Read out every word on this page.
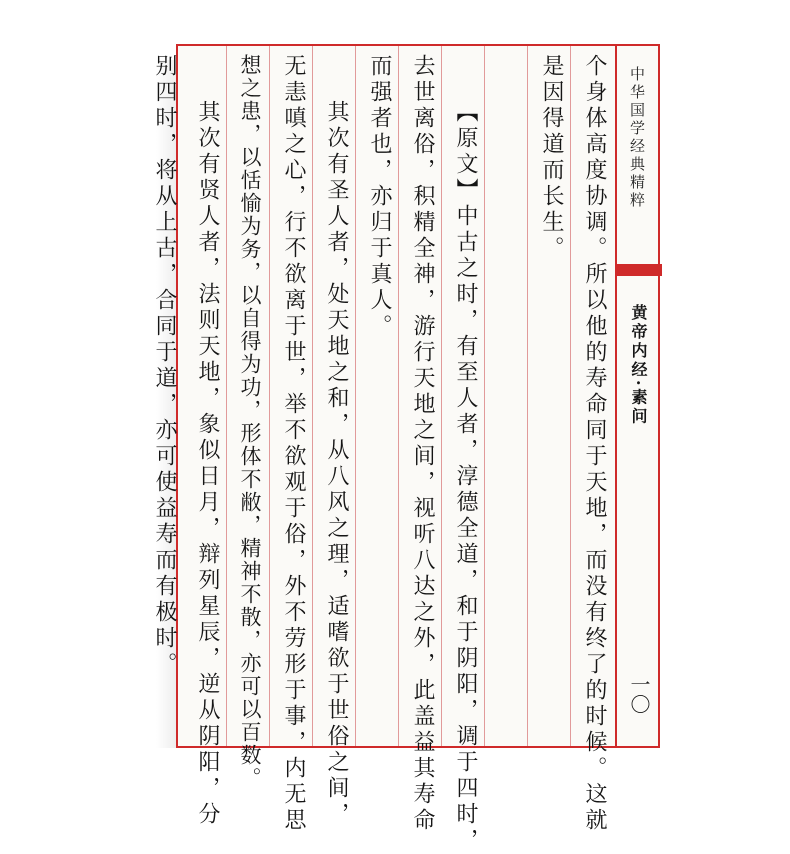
个身体高度协调。所以他的寿命同于天地，而没有终了的时候。这就
是因得道而长生。
【原文】中古之时，有至人者，淳德全道，和于阴阳，调于四时，
去世离俗，积精全神，游行天地之间，视听八达之外，此盖益其寿命
而强者也，亦归于真人。
其次有圣人者，处天地之和，从八风之理，适嗜欲于世俗之间，
无恚嗔之心，行不欲离于世，举不欲观于俗，外不劳形于事，内无思
想之患，以恬愉为务，以自得为功，形体不敝，精神不散，亦可以百数。
其次有贤人者，法则天地，象似日月，辩列星辰，逆从阴阳，分
别四时，将从上古，合同于道，亦可使益寿而有极时。	中华国学经典精粹
黄帝内经·素问
一〇
